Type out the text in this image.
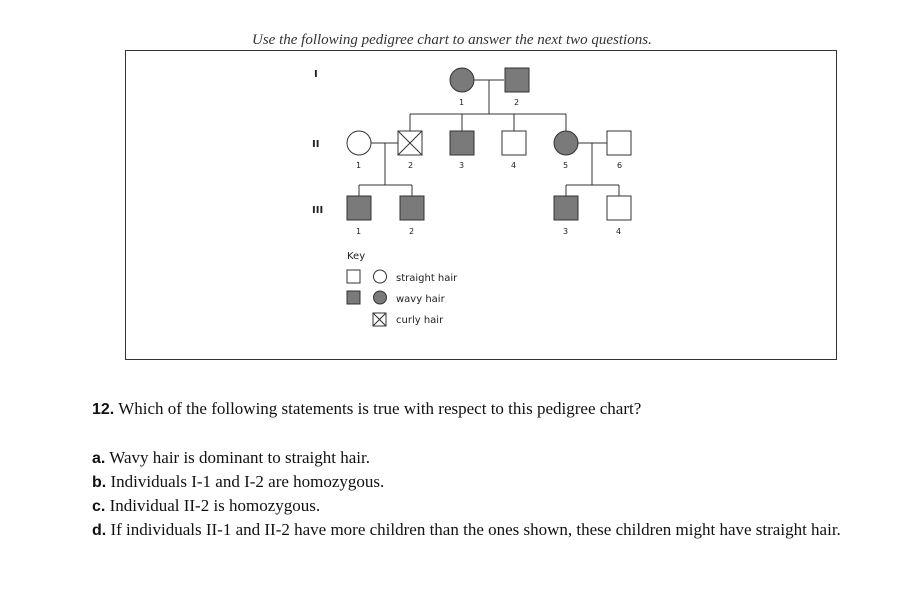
Use the following pedigree chart to answer the next two questions.
I
II
III
1	2
1	2	3	4	5	6
1	2	3	4
Key
straight hair
wavy hair
curly hair
12. Which of the following statements is true with respect to this pedigree chart?

a. Wavy hair is dominant to straight hair.

b. Individuals I-1 and I-2 are homozygous.

c. Individual II-2 is homozygous.

d. If individuals II-1 and II-2 have more children than the ones shown, these children might have straight hair.
